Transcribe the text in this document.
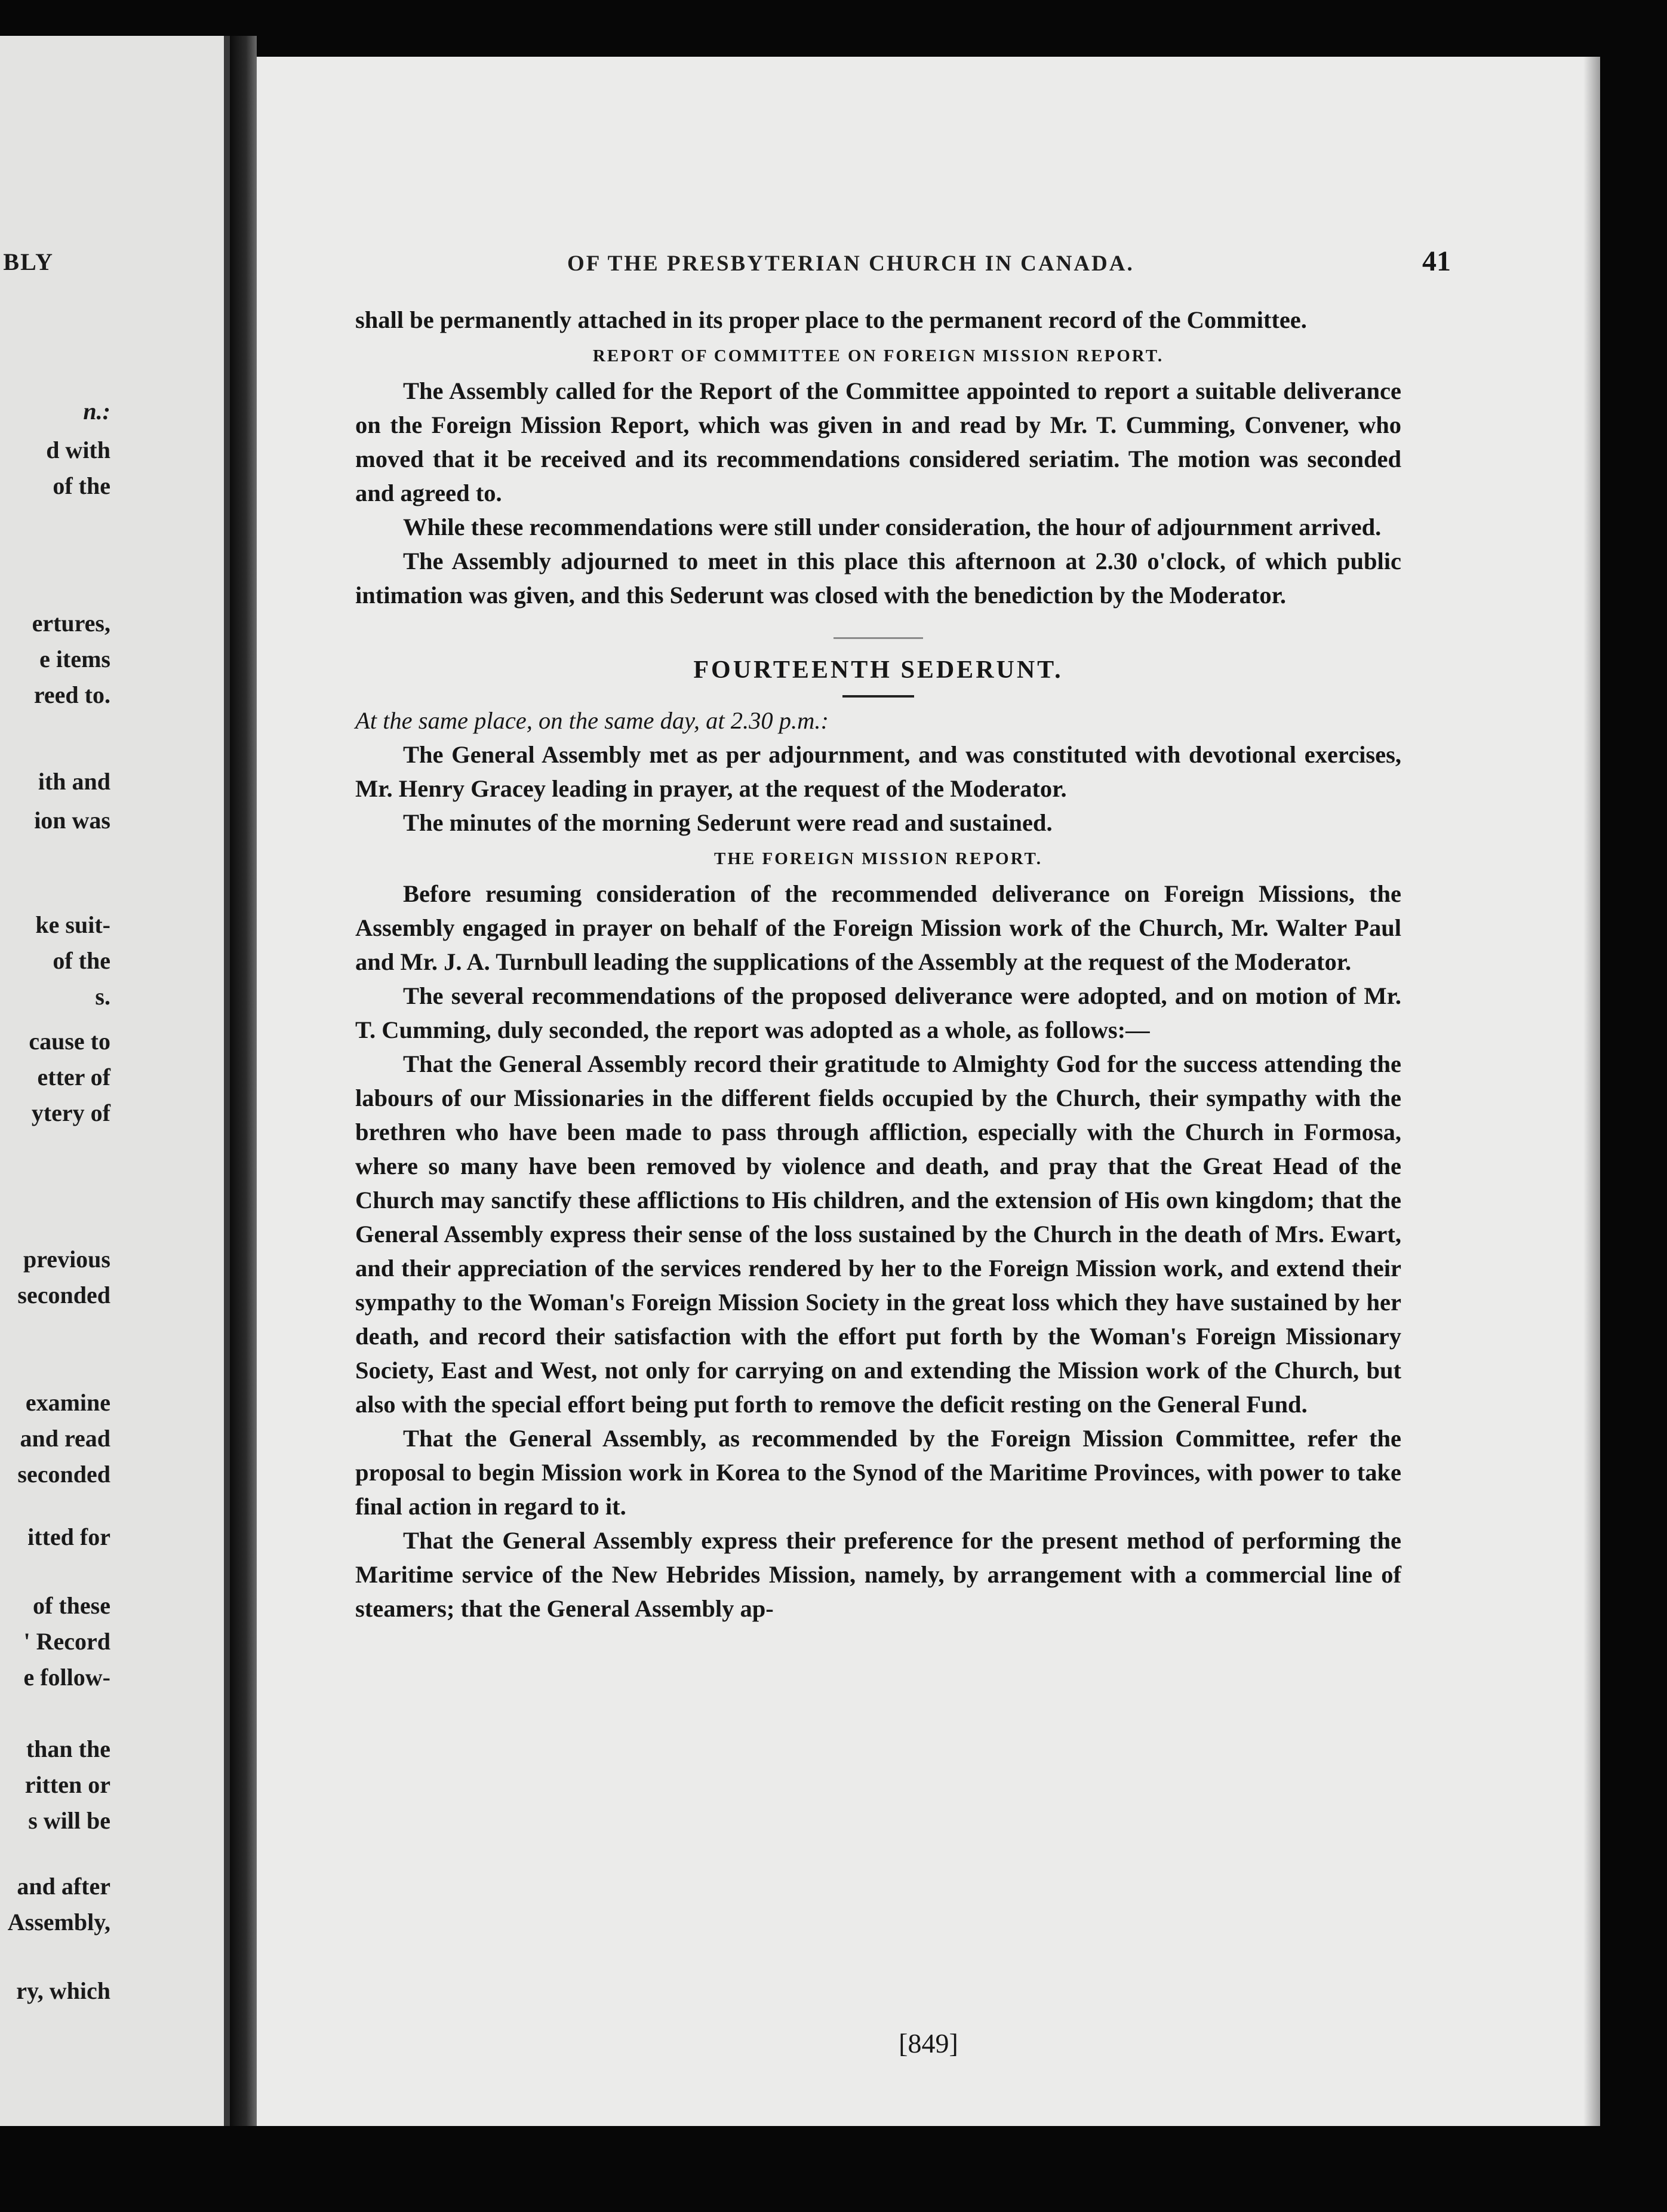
BLY
n.:
d with
of the
ertures,
e items
reed to.
ith and
ion was
ke suit-
of the
s.
cause to
etter of
ytery of
previous
seconded
examine
and read
seconded
itted for
of these
' Record
e follow-
than the
ritten or
s will be
and after
Assembly,
ry, which
OF THE PRESBYTERIAN CHURCH IN CANADA.	41

shall be permanently attached in its proper place to the permanent record of the Committee.

REPORT OF COMMITTEE ON FOREIGN MISSION REPORT.

The Assembly called for the Report of the Committee appointed to report a suitable deliverance on the Foreign Mission Report, which was given in and read by Mr. T. Cumming, Convener, who moved that it be received and its recommendations considered seriatim. The motion was seconded and agreed to.

While these recommendations were still under consideration, the hour of adjournment arrived.

The Assembly adjourned to meet in this place this afternoon at 2.30 o'clock, of which public intimation was given, and this Sederunt was closed with the benediction by the Moderator.

FOURTEENTH SEDERUNT.
At the same place, on the same day, at 2.30 p.m.:

The General Assembly met as per adjournment, and was constituted with devotional exercises, Mr. Henry Gracey leading in prayer, at the request of the Moderator.

The minutes of the morning Sederunt were read and sustained.

THE FOREIGN MISSION REPORT.

Before resuming consideration of the recommended deliverance on Foreign Missions, the Assembly engaged in prayer on behalf of the Foreign Mission work of the Church, Mr. Walter Paul and Mr. J. A. Turnbull leading the supplications of the Assembly at the request of the Moderator.

The several recommendations of the proposed deliverance were adopted, and on motion of Mr. T. Cumming, duly seconded, the report was adopted as a whole, as follows:—

That the General Assembly record their gratitude to Almighty God for the success attending the labours of our Missionaries in the different fields occupied by the Church, their sympathy with the brethren who have been made to pass through affliction, especially with the Church in Formosa, where so many have been removed by violence and death, and pray that the Great Head of the Church may sanctify these afflictions to His children, and the extension of His own kingdom; that the General Assembly express their sense of the loss sustained by the Church in the death of Mrs. Ewart, and their appreciation of the services rendered by her to the Foreign Mission work, and extend their sympathy to the Woman's Foreign Mission Society in the great loss which they have sustained by her death, and record their satisfaction with the effort put forth by the Woman's Foreign Missionary Society, East and West, not only for carrying on and extending the Mission work of the Church, but also with the special effort being put forth to remove the deficit resting on the General Fund.

That the General Assembly, as recommended by the Foreign Mission Committee, refer the proposal to begin Mission work in Korea to the Synod of the Maritime Provinces, with power to take final action in regard to it.

That the General Assembly express their preference for the present method of performing the Maritime service of the New Hebrides Mission, namely, by arrangement with a commercial line of steamers; that the General Assembly ap-

[849]
